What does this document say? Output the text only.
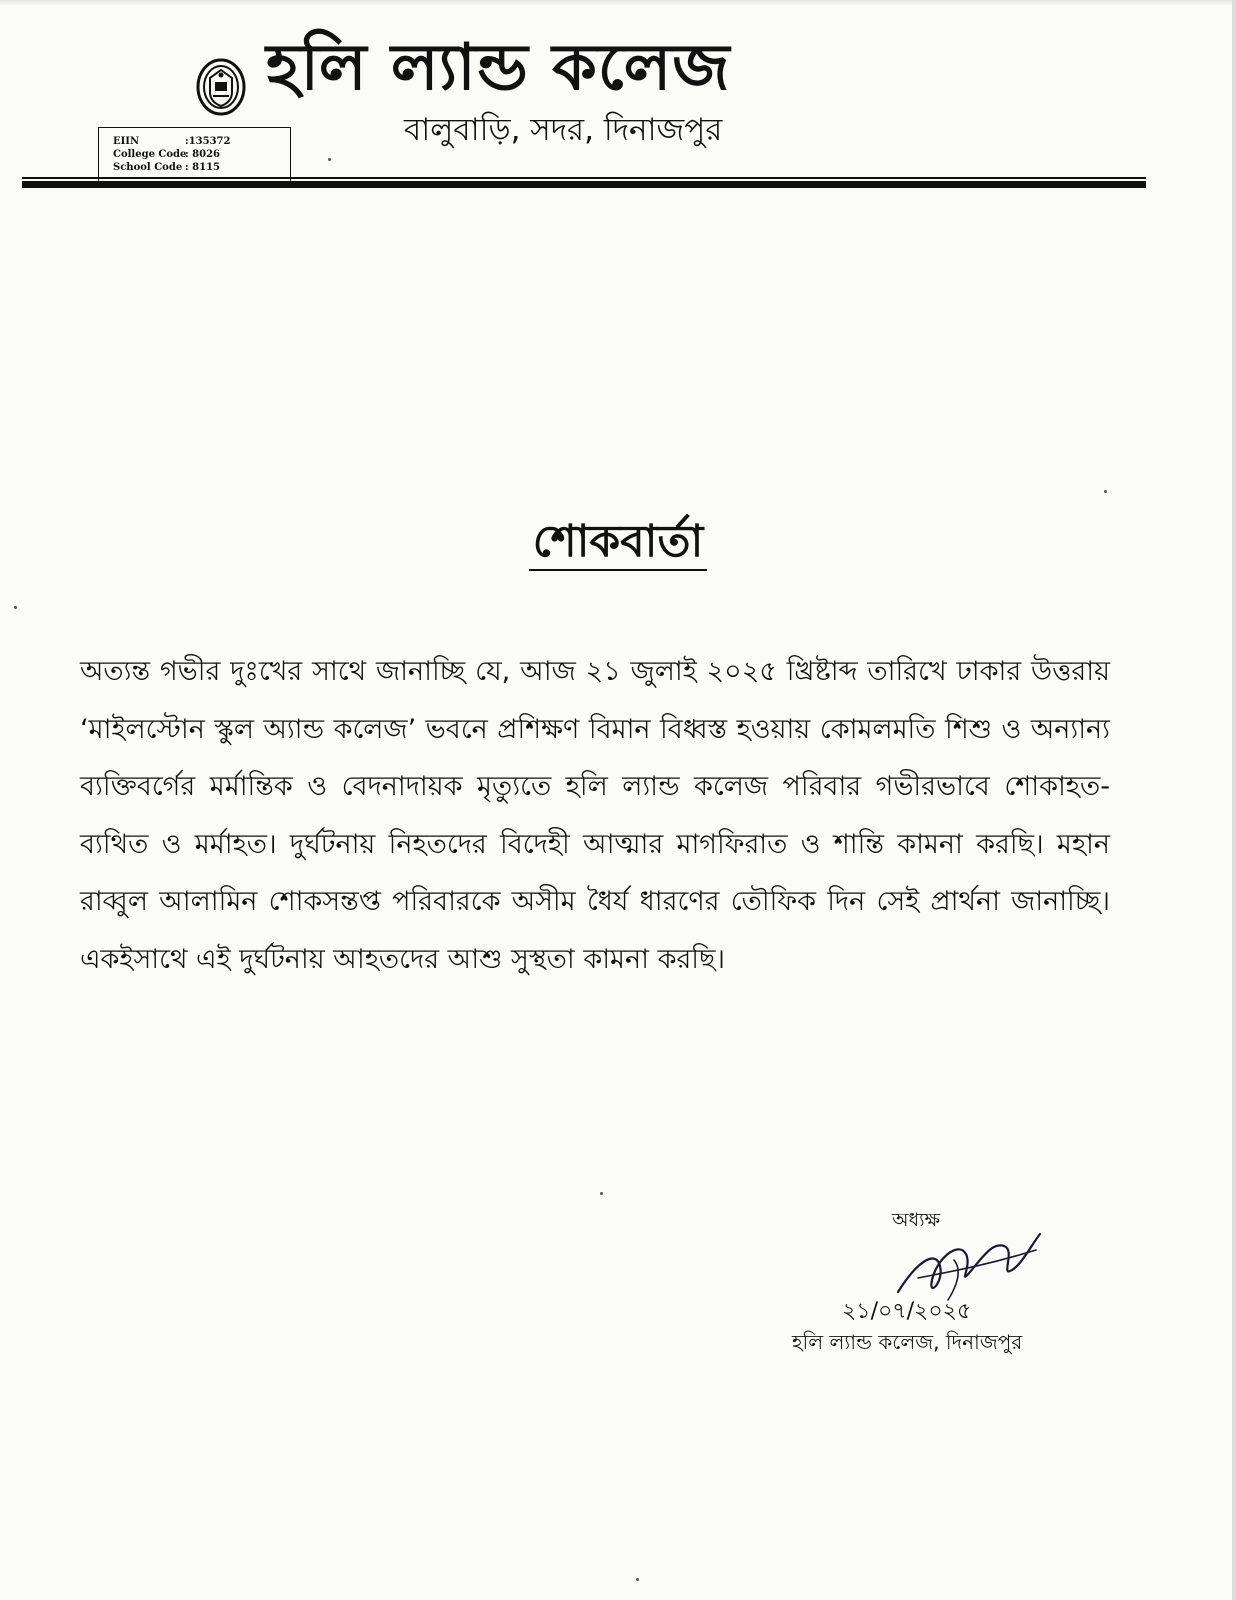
হলি ল্যান্ড কলেজ
বালুবাড়ি, সদর, দিনাজপুর
EIIN	:135372
College Code
: 8026
School Code : 8115
শোকবার্তা
অত্যন্ত গভীর দুঃখের সাথে জানাচ্ছি যে, আজ ২১ জুলাই ২০২৫ খ্রিষ্টাব্দ তারিখে ঢাকার উত্তরায় ‘মাইলস্টোন স্কুল অ্যান্ড কলেজ’ ভবনে প্রশিক্ষণ বিমান বিধ্বস্ত হওয়ায় কোমলমতি শিশু ও অন্যান্য ব্যক্তিবর্গের মর্মান্তিক ও বেদনাদায়ক মৃত্যুতে হলি ল্যান্ড কলেজ পরিবার গভীরভাবে শোকাহত-ব্যথিত ও মর্মাহত। দুর্ঘটনায় নিহতদের বিদেহী আত্মার মাগফিরাত ও শান্তি কামনা করছি। মহান রাব্বুল আলামিন শোকসন্তপ্ত পরিবারকে অসীম ধৈর্য ধারণের তৌফিক দিন সেই প্রার্থনা জানাচ্ছি। একইসাথে এই দুর্ঘটনায় আহতদের আশু সুস্থতা কামনা করছি।
অধ্যক্ষ
২১/০৭/২০২৫
হলি ল্যান্ড কলেজ, দিনাজপুর
